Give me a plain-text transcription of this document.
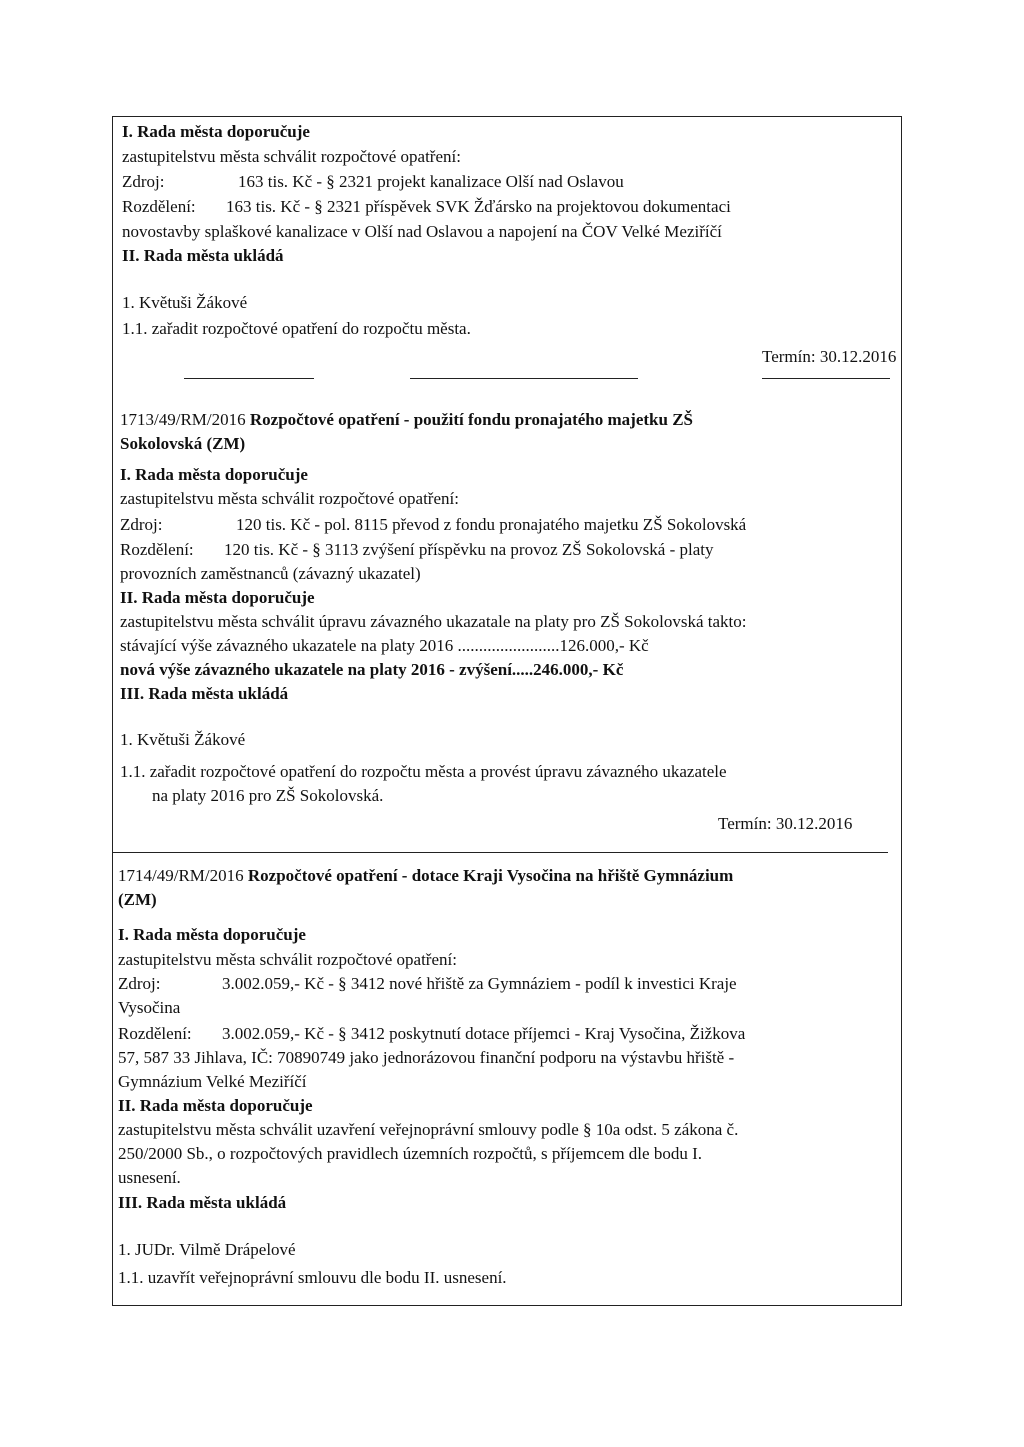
I. Rada města doporučuje
zastupitelstvu města schválit rozpočtové opatření:
Zdroj:	163 tis. Kč - § 2321 projekt kanalizace Olší nad Oslavou
Rozdělení: 163 tis. Kč - § 2321 příspěvek SVK Žďársko na projektovou dokumentaci
novostavby splaškové kanalizace v Olší nad Oslavou a napojení na ČOV Velké Meziříčí
II. Rada města ukládá
1. Květuši Žákové
1.1. zařadit rozpočtové opatření do rozpočtu města.
Termín: 30.12.2016
1713/49/RM/2016 Rozpočtové opatření - použití fondu pronajatého majetku ZŠ
Sokolovská (ZM)
I. Rada města doporučuje
zastupitelstvu města schválit rozpočtové opatření:
Zdroj:	120 tis. Kč - pol. 8115 převod z fondu pronajatého majetku ZŠ Sokolovská
Rozdělení: 120 tis. Kč - § 3113 zvýšení příspěvku na provoz ZŠ Sokolovská - platy
provozních zaměstnanců (závazný ukazatel)
II. Rada města doporučuje
zastupitelstvu města schválit úpravu závazného ukazatale na platy pro ZŠ Sokolovská takto:
stávající výše závazného ukazatele na platy 2016 ........................126.000,- Kč
nová výše závazného ukazatele na platy 2016 - zvýšení.....246.000,- Kč
III. Rada města ukládá
1. Květuši Žákové
1.1. zařadit rozpočtové opatření do rozpočtu města a provést úpravu závazného ukazatele
na platy 2016 pro ZŠ Sokolovská.
Termín: 30.12.2016
1714/49/RM/2016 Rozpočtové opatření - dotace Kraji Vysočina na hřiště Gymnázium
(ZM)
I. Rada města doporučuje
zastupitelstvu města schválit rozpočtové opatření:
Zdroj:	3.002.059,- Kč - § 3412 nové hřiště za Gymnáziem - podíl k investici Kraje
Vysočina
Rozdělení: 3.002.059,- Kč - § 3412 poskytnutí dotace příjemci - Kraj Vysočina, Žižkova
57, 587 33 Jihlava, IČ: 70890749 jako jednorázovou finanční podporu na výstavbu hřiště -
Gymnázium Velké Meziříčí
II. Rada města doporučuje
zastupitelstvu města schválit uzavření veřejnoprávní smlouvy podle § 10a odst. 5 zákona č.
250/2000 Sb., o rozpočtových pravidlech územních rozpočtů, s příjemcem dle bodu I.
usnesení.
III. Rada města ukládá
1. JUDr. Vilmě Drápelové
1.1. uzavřít veřejnoprávní smlouvu dle bodu II. usnesení.
